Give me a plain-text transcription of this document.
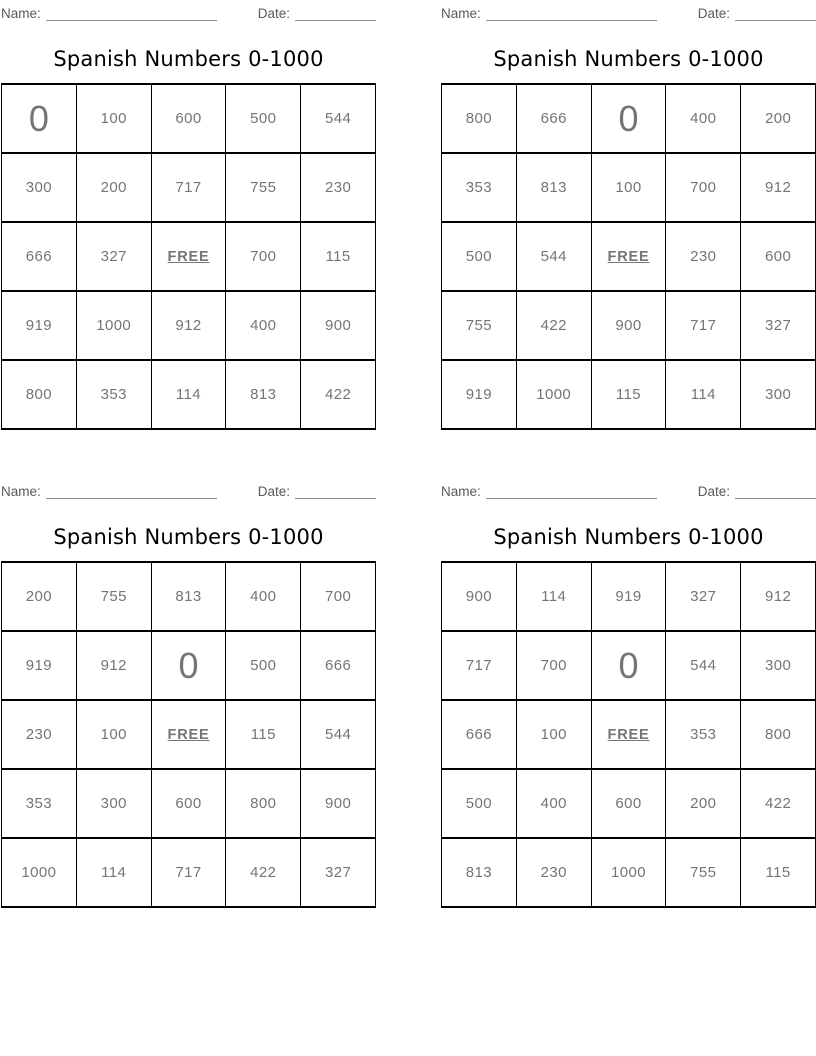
Name:	Date:
Spanish Numbers 0-1000
0	100	600	500	544
300	200	717	755	230
666	327	FREE	700	115
919	1000	912	400	900
800	353	114	813	422
Name:	Date:
Spanish Numbers 0-1000
800	666	0	400	200
353	813	100	700	912
500	544	FREE	230	600
755	422	900	717	327
919	1000	115	114	300
Name:	Date:
Spanish Numbers 0-1000
200	755	813	400	700
919	912	0	500	666
230	100	FREE	115	544
353	300	600	800	900
1000	114	717	422	327
Name:	Date:
Spanish Numbers 0-1000
900	114	919	327	912
717	700	0	544	300
666	100	FREE	353	800
500	400	600	200	422
813	230	1000	755	115
